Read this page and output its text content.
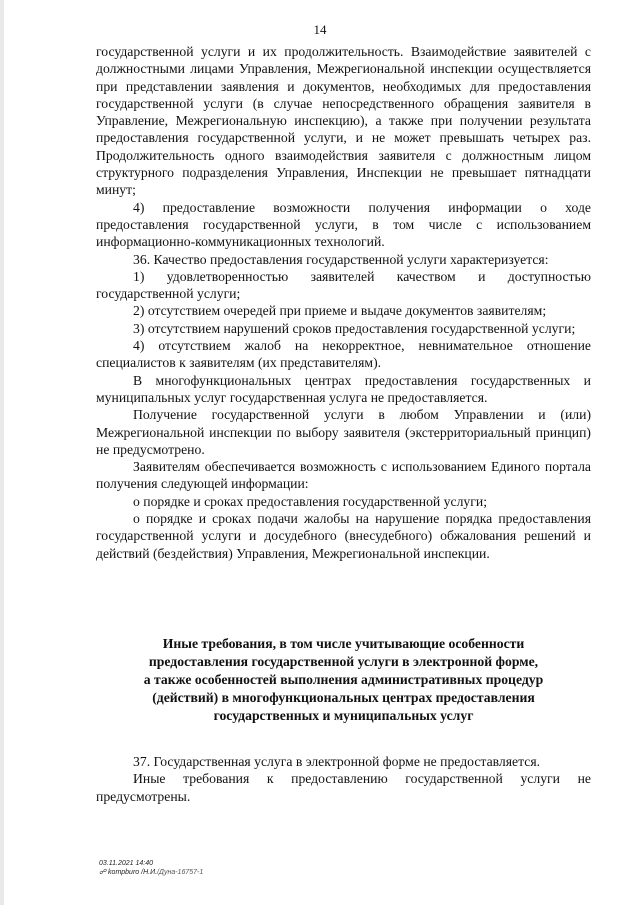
14

государственной услуги и их продолжительность. Взаимодействие заявителей с должностными лицами Управления, Межрегиональной инспекции осуществляется при представлении заявления и документов, необходимых для предоставления государственной услуги (в случае непосредственного обращения заявителя в Управление, Межрегиональную инспекцию), а также при получении результата предоставления государственной услуги, и не может превышать четырех раз. Продолжительность одного взаимодействия заявителя с должностным лицом структурного подразделения Управления, Инспекции не превышает пятнадцати минут;

4) предоставление возможности получения информации о ходе предоставления государственной услуги, в том числе с использованием информационно-коммуникационных технологий.

36. Качество предоставления государственной услуги характеризуется:

1) удовлетворенностью заявителей качеством и доступностью государственной услуги;

2) отсутствием очередей при приеме и выдаче документов заявителям;

3) отсутствием нарушений сроков предоставления государственной услуги;

4) отсутствием жалоб на некорректное, невнимательное отношение специалистов к заявителям (их представителям).

В многофункциональных центрах предоставления государственных и муниципальных услуг государственная услуга не предоставляется.

Получение государственной услуги в любом Управлении и (или) Межрегиональной инспекции по выбору заявителя (экстерриториальный принцип) не предусмотрено.

Заявителям обеспечивается возможность с использованием Единого портала получения следующей информации:

о порядке и сроках предоставления государственной услуги;

о порядке и сроках подачи жалобы на нарушение порядка предоставления государственной услуги и досудебного (внесудебного) обжалования решений и действий (бездействия) Управления, Межрегиональной инспекции.

Иные требования, в том числе учитывающие особенности
предоставления государственной услуги в электронной форме,
а также особенностей выполнения административных процедур
(действий) в многофункциональных центрах предоставления
государственных и муниципальных услуг

37. Государственная услуга в электронной форме не предоставляется.

Иные требования к предоставлению государственной услуги не предусмотрены.

03.11.2021 14:40
☍ kompburo /Н.И./Дуна-16757-1
